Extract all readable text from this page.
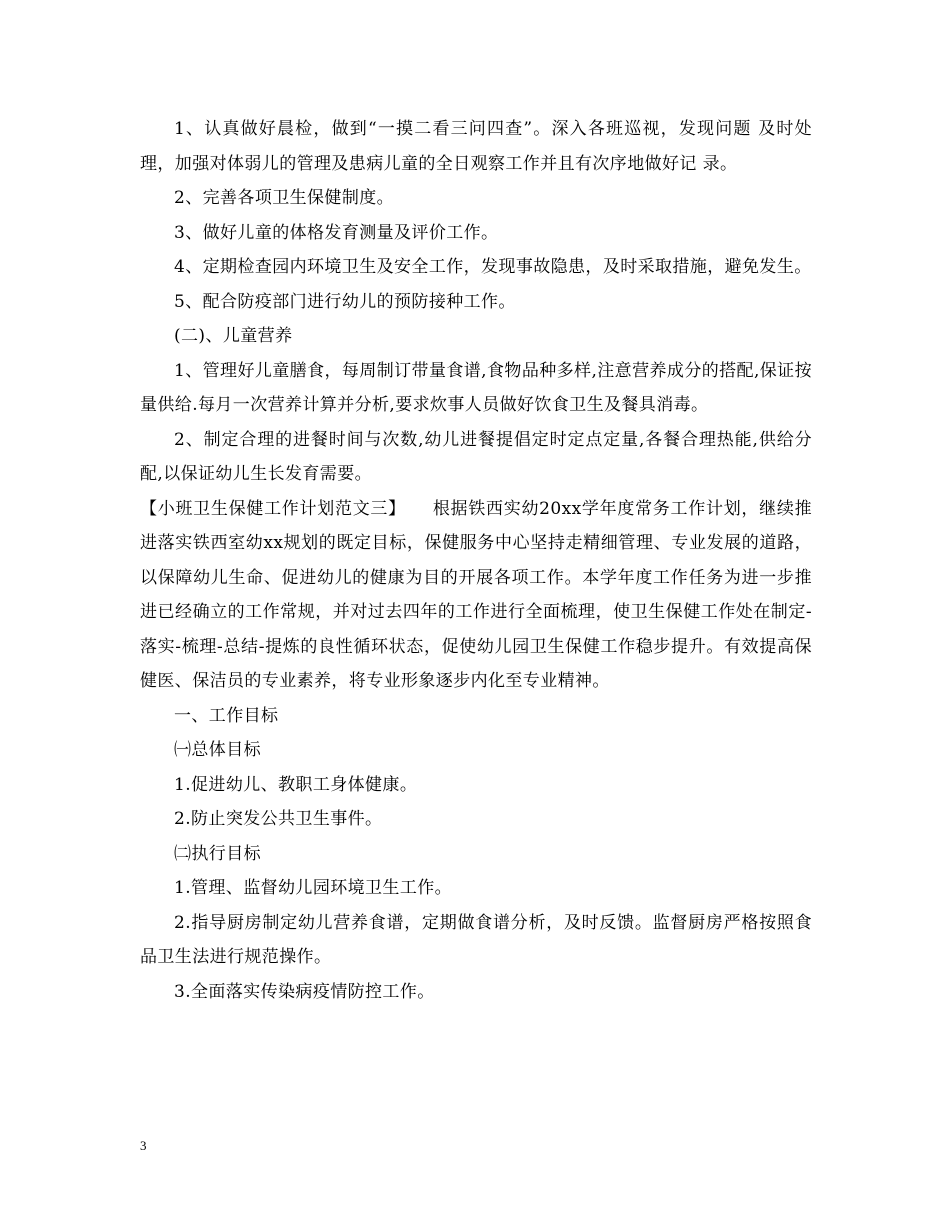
1、认真做好晨检，做到“一摸二看三问四查”。深入各班巡视，发现问题 及时处理，加强对体弱儿的管理及患病儿童的全日观察工作并且有次序地做好记 录。

2、完善各项卫生保健制度。

3、做好儿童的体格发育测量及评价工作。

4、定期检查园内环境卫生及安全工作，发现事故隐患，及时采取措施，避免发生。

5、配合防疫部门进行幼儿的预防接种工作。

(二)、儿童营养

1、管理好儿童膳食，每周制订带量食谱,食物品种多样,注意营养成分的搭配,保证按量供给.每月一次营养计算并分析,要求炊事人员做好饮食卫生及餐具消毒。

2、制定合理的进餐时间与次数,幼儿进餐提倡定时定点定量,各餐合理热能,供给分配,以保证幼儿生长发育需要。

【小班卫生保健工作计划范文三】　　根据铁西实幼20xx学年度常务工作计划，继续推进落实铁西室幼xx规划的既定目标，保健服务中心坚持走精细管理、专业发展的道路，以保障幼儿生命、促进幼儿的健康为目的开展各项工作。本学年度工作任务为进一步推进已经确立的工作常规，并对过去四年的工作进行全面梳理，使卫生保健工作处在制定-落实-梳理-总结-提炼的良性循环状态，促使幼儿园卫生保健工作稳步提升。有效提高保健医、保洁员的专业素养，将专业形象逐步内化至专业精神。

一、工作目标

㈠总体目标

1.促进幼儿、教职工身体健康。

2.防止突发公共卫生事件。

㈡执行目标

1.管理、监督幼儿园环境卫生工作。

2.指导厨房制定幼儿营养食谱，定期做食谱分析，及时反馈。监督厨房严格按照食品卫生法进行规范操作。

3.全面落实传染病疫情防控工作。

3
